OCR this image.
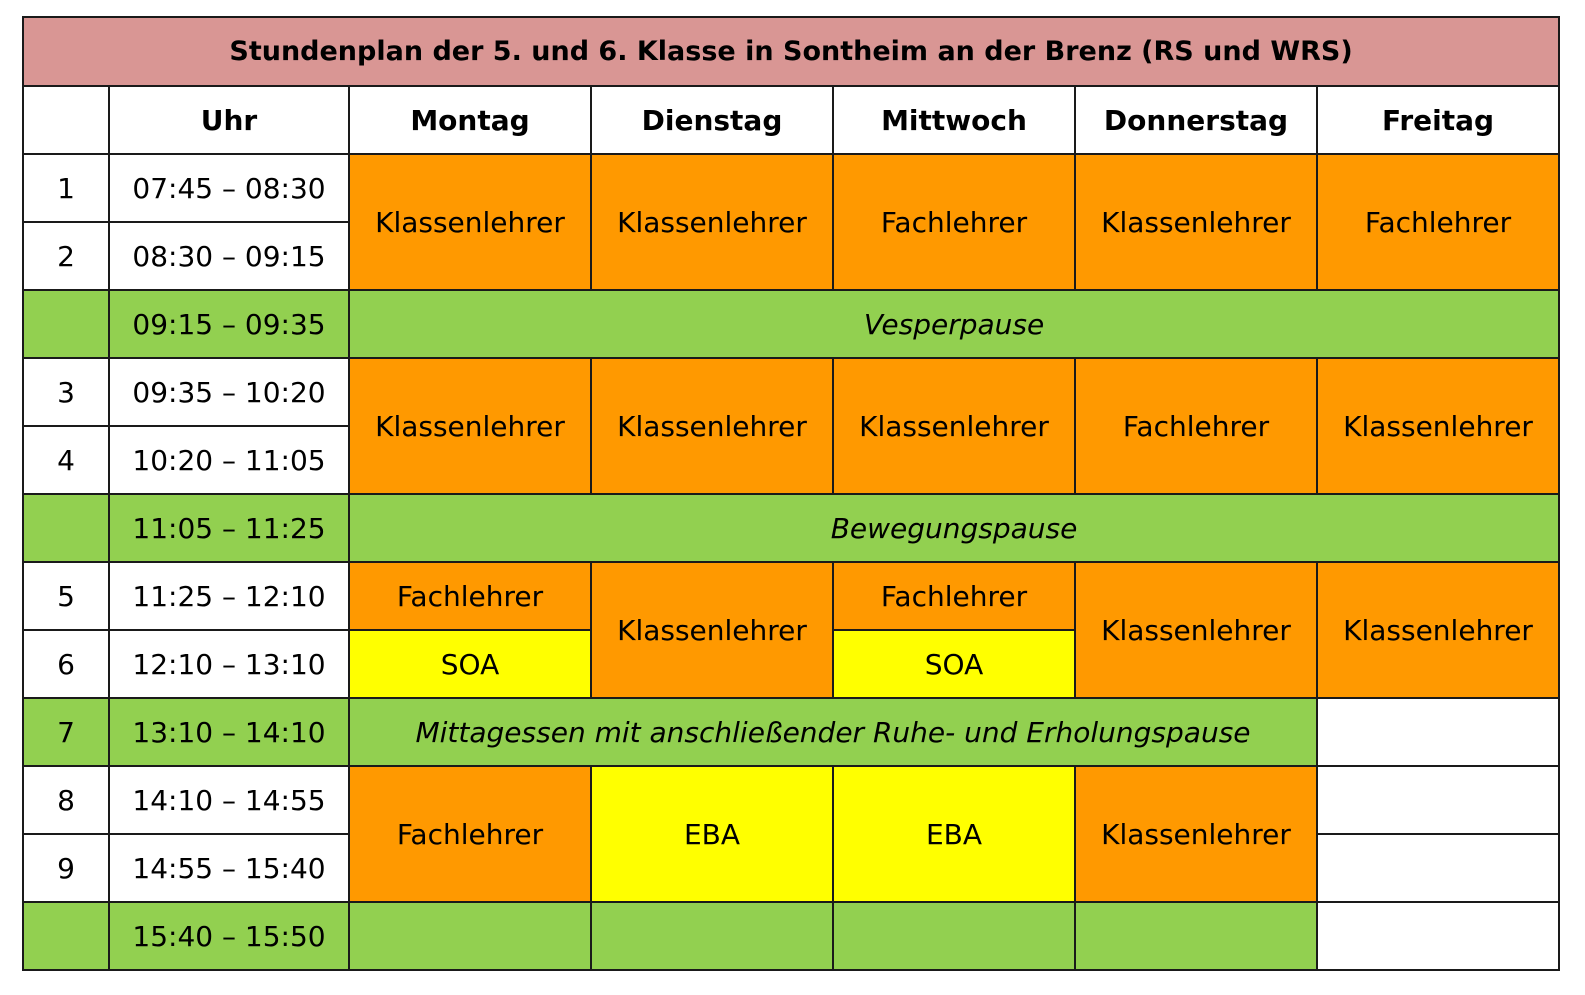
Stundenplan der 5. und 6. Klasse in Sontheim an der Brenz (RS und WRS)						
	Uhr	Montag	Dienstag	Mittwoch	Donnerstag	Freitag
1	07:45 – 08:30	Klassenlehrer	Klassenlehrer	Fachlehrer	Klassenlehrer	Fachlehrer
2	08:30 – 09:15					
	09:15 – 09:35	Vesperpause				
3	09:35 – 10:20	Klassenlehrer	Klassenlehrer	Klassenlehrer	Fachlehrer	Klassenlehrer
4	10:20 – 11:05					
	11:05 – 11:25	Bewegungspause				
5	11:25 – 12:10	Fachlehrer	Klassenlehrer	Fachlehrer	Klassenlehrer	Klassenlehrer
6	12:10 – 13:10	SOA		SOA		
7	13:10 – 14:10	Mittagessen mit anschließender Ruhe- und Erholungspause				
8	14:10 – 14:55	Fachlehrer	EBA	EBA	Klassenlehrer	
9	14:55 – 15:40					
	15:40 – 15:50					
